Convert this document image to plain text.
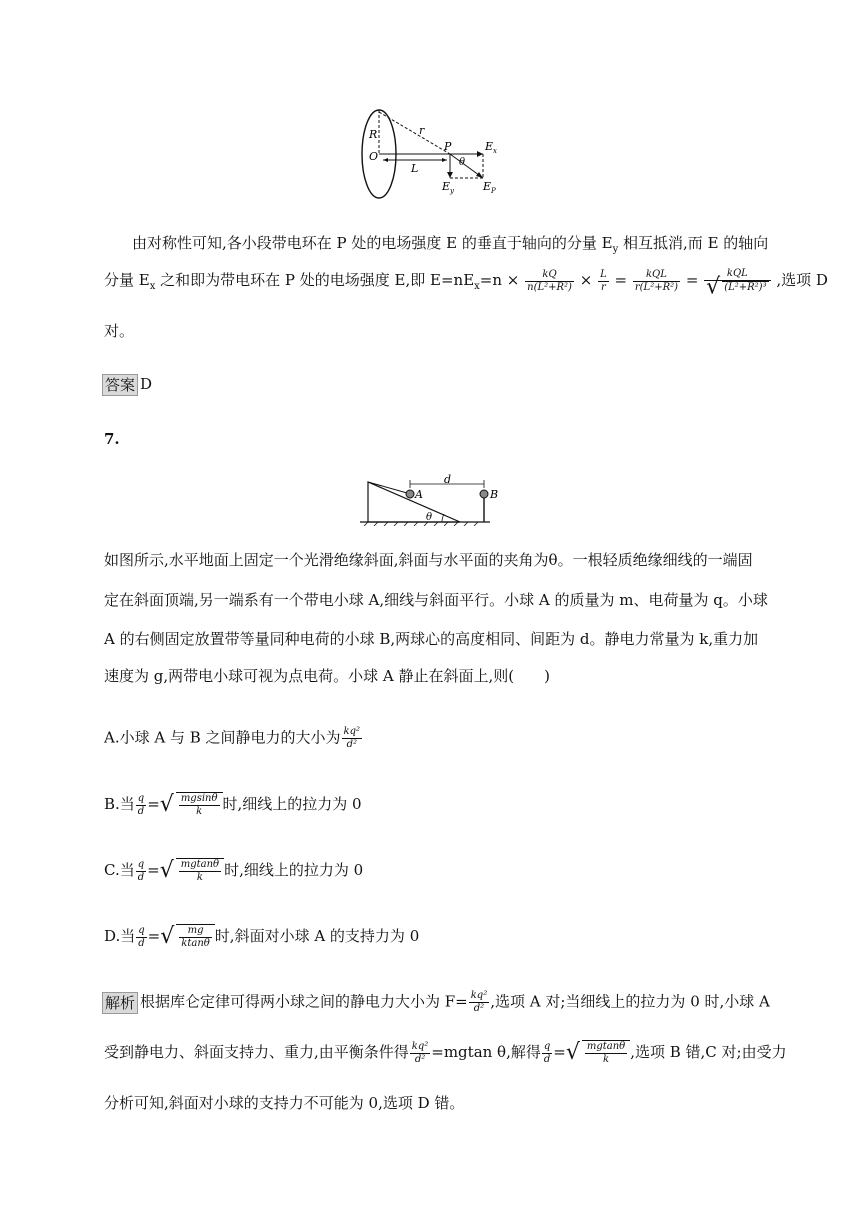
R
O
r
P
L	θ
E x
E y	E P
由对称性可知,各小段带电环在 P 处的电场强度 E 的垂直于轴向的分量 $E_y$ 相互抵消,而 E 的轴向
分量 $E_x$ 之和即为带电环在 P 处的电场强度 E,即 $E=nE_x=n \times \frac{kQ}{\text{n(L²+R²)}} \times \frac{L}{r} = \frac{\text{kQL}}{\text{r(L²+R²)}} = \frac{\text{kQL}}{\text{√ (L²+R²)³}}$ ,选项 D
对。
答案 D
7.
A	B
d
θ
如图所示,水平地面上固定一个光滑绝缘斜面,斜面与水平面的夹角为θ。一根轻质绝缘细线的一端固
定在斜面顶端,另一端系有一个带电小球 A,细线与斜面平行。小球 A 的质量为 m、电荷量为 q。小球
A 的右侧固定放置带等量同种电荷的小球 B,两球心的高度相同、间距为 d。静电力常量为 k,重力加
速度为 g,两带电小球可视为点电荷。小球 A 静止在斜面上,则(　　)
A.小球 A 与 B 之间静电力的大小为 $\frac{\text{kq²}}{\text{d²}}$
B.当 $\frac{q}{d}$ =√ $\frac{mgsin\theta}{k}$ 时,细线上的拉力为 0
C.当 $\frac{q}{d}$ =√ $\frac{mgtan\theta}{k}$ 时,细线上的拉力为 0
D.当 $\frac{q}{d}$ =√ $\frac{mg}{ktan\theta}$ 时,斜面对小球 A 的支持力为 0
解析 根据库仑定律可得两小球之间的静电力大小为 $F= \frac{\text{kq²}}{\text{d²}}$ ,选项 A 对;当细线上的拉力为 0 时,小球 A
受到静电力、斜面支持力、重力,由平衡条件得 $\frac{\text{kq²}}{\text{d²}} =mgtan$ θ,解得 $\frac{q}{d}$ =√ $\frac{mgtan\theta}{k}$ ,选项 B 错,C 对;由受力
分析可知,斜面对小球的支持力不可能为 0,选项 D 错。
